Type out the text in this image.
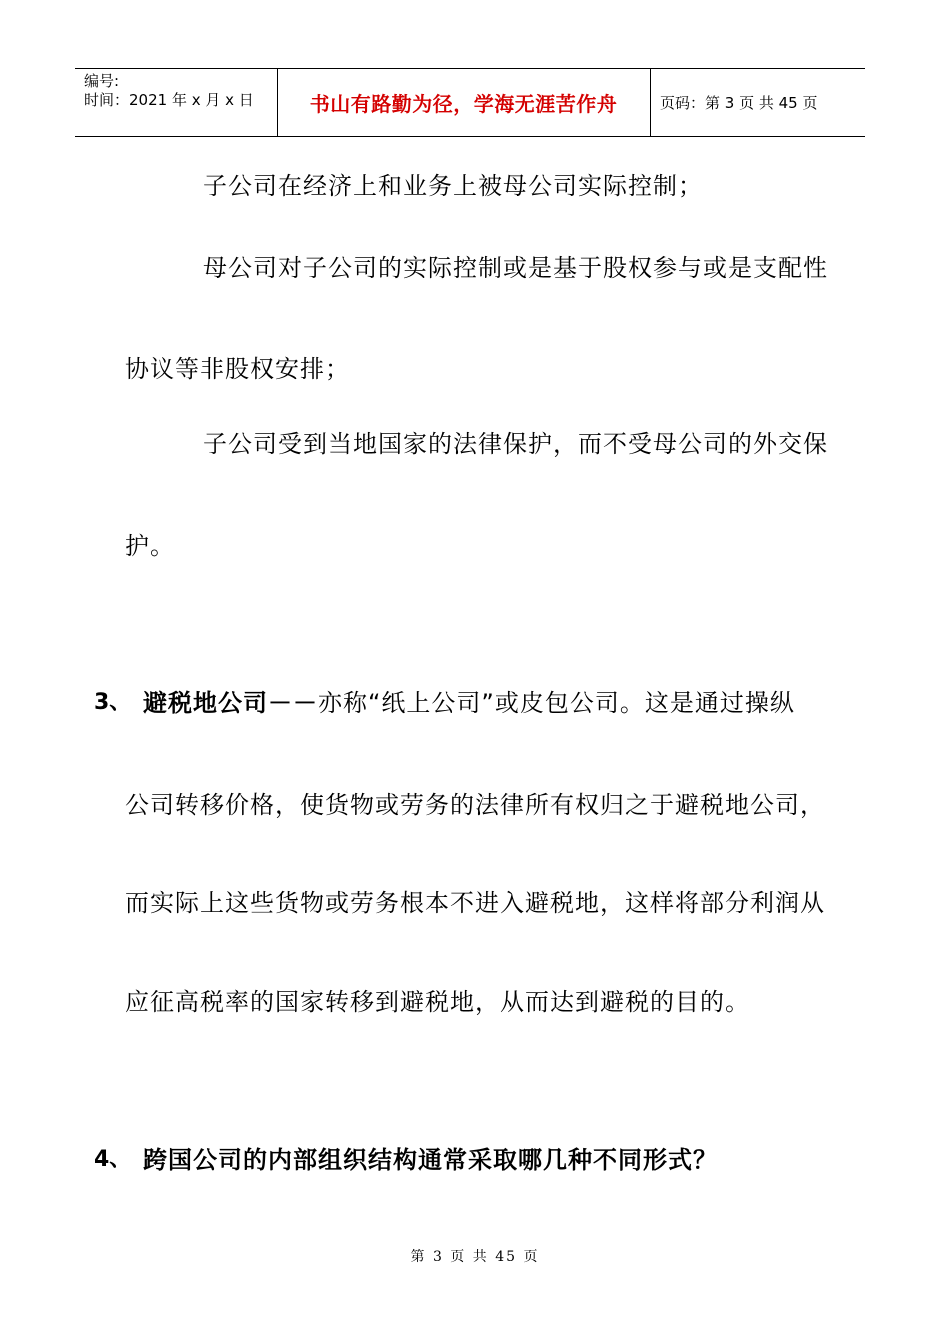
编号:
时间：2021 年 x 月 x 日	书山有路勤为径，学海无涯苦作舟	页码：第 3 页 共 45 页
子公司在经济上和业务上被母公司实际控制；
母公司对子公司的实际控制或是基于股权参与或是支配性
协议等非股权安排；
子公司受到当地国家的法律保护，而不受母公司的外交保
护。
3、 避税地公司－－亦称“纸上公司”或皮包公司。这是通过操纵
公司转移价格，使货物或劳务的法律所有权归之于避税地公司，
而实际上这些货物或劳务根本不进入避税地，这样将部分利润从
应征高税率的国家转移到避税地，从而达到避税的目的。
4、 跨国公司的内部组织结构通常采取哪几种不同形式？
第 3 页 共 45 页
